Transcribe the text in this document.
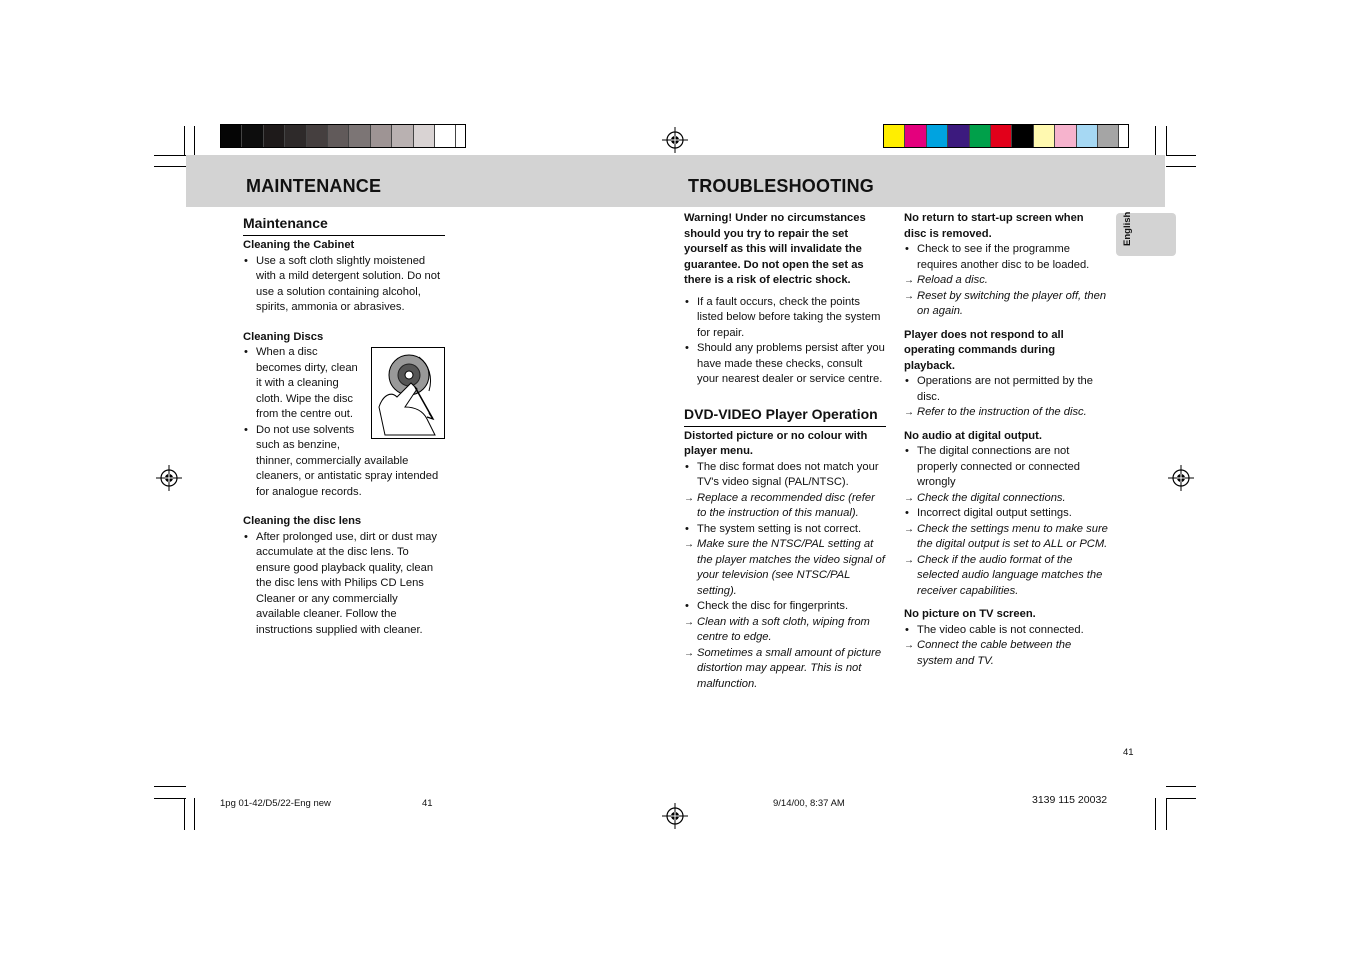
MAINTENANCE	TROUBLESHOOTING
Maintenance
Cleaning the Cabinet
• Use a soft cloth slightly moistened with a mild detergent solution. Do not use a solution containing alcohol, spirits, ammonia or abrasives.
Cleaning Discs
• When a disc becomes dirty, clean it with a cleaning cloth. Wipe the disc from the centre out.
• Do not use solvents such as benzine,
thinner, commercially available cleaners, or antistatic spray intended for analogue records.
Cleaning the disc lens
• After prolonged use, dirt or dust may accumulate at the disc lens. To ensure good playback quality, clean the disc lens with Philips CD Lens Cleaner or any commercially available cleaner. Follow the instructions supplied with cleaner.

Warning! Under no circumstances should you try to repair the set yourself as this will invalidate the guarantee. Do not open the set as there is a risk of electric shock.

• If a fault occurs, check the points listed below before taking the system for repair.
• Should any problems persist after you have made these checks, consult your nearest dealer or service centre.
DVD-VIDEO Player Operation
Distorted picture or no colour with player menu.
• The disc format does not match your TV's video signal (PAL/NTSC).
→ Replace a recommended disc (refer to the instruction of this manual).
• The system setting is not correct.
→ Make sure the NTSC/PAL setting at the player matches the video signal of your television (see NTSC/PAL setting).
• Check the disc for fingerprints.
→ Clean with a soft cloth, wiping from centre to edge.
→ Sometimes a small amount of picture distortion may appear. This is not malfunction.
No return to start-up screen when disc is removed.
• Check to see if the programme requires another disc to be loaded.
→ Reload a disc.
→ Reset by switching the player off, then on again.
Player does not respond to all operating commands during playback.
• Operations are not permitted by the disc.
→ Refer to the instruction of the disc.
No audio at digital output.
• The digital connections are not properly connected or connected wrongly
→ Check the digital connections.
• Incorrect digital output settings.
→ Check the settings menu to make sure the digital output is set to ALL or PCM.
→ Check if the audio format of the selected audio language matches the receiver capabilities.
No picture on TV screen.
• The video cable is not connected.
→ Connect the cable between the system and TV.
English
41
1pg 01-42/D5/22-Eng new	41	9/14/00, 8:37 AM	3139 115 20032
